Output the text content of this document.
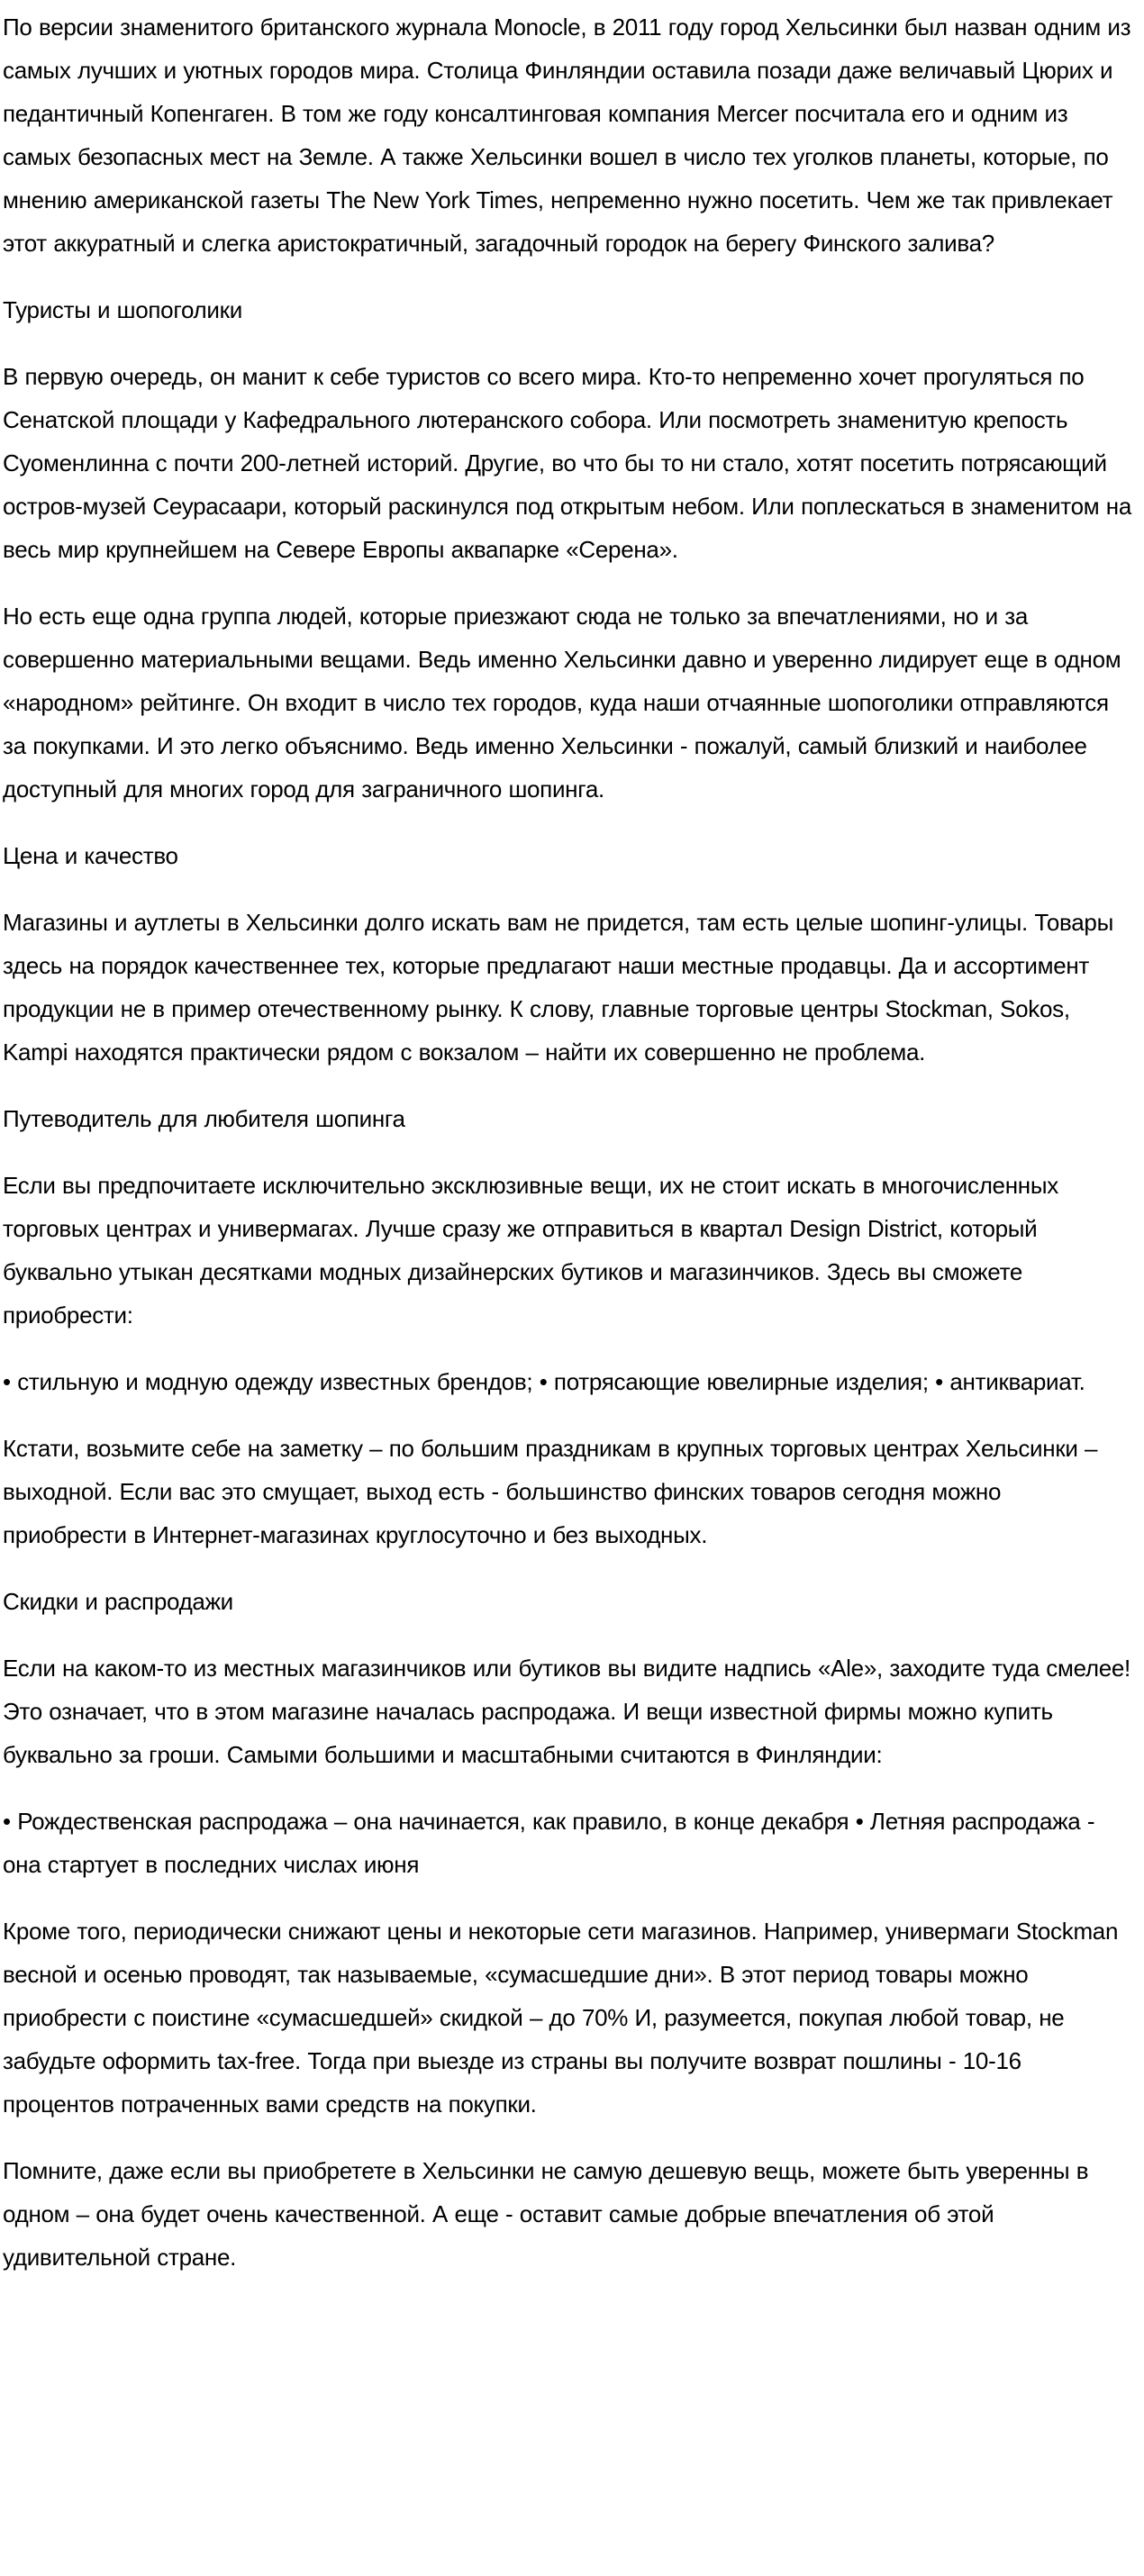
По версии знаменитого британского журнала Monocle, в 2011 году город Хельсинки был назван одним из самых лучших и уютных городов мира. Столица Финляндии оставила позади даже величавый Цюрих и педантичный Копенгаген. В том же году консалтинговая компания Mercer посчитала его и одним из самых безопасных мест на Земле. А также Хельсинки вошел в число тех уголков планеты, которые, по мнению американской газеты The New York Times, непременно нужно посетить. Чем же так привлекает этот аккуратный и слегка аристократичный, загадочный городок на берегу Финского залива?

Туристы и шопоголики

В первую очередь, он манит к себе туристов со всего мира. Кто-то непременно хочет прогуляться по Сенатской площади у Кафедрального лютеранского собора. Или посмотреть знаменитую крепость Суоменлинна с почти 200-летней историй. Другие, во что бы то ни стало, хотят посетить потрясающий остров-музей Сеурасаари, который раскинулся под открытым небом. Или поплескаться в знаменитом на весь мир крупнейшем на Севере Европы аквапарке «Серена».

Но есть еще одна группа людей, которые приезжают сюда не только за впечатлениями, но и за совершенно материальными вещами. Ведь именно Хельсинки давно и уверенно лидирует еще в одном «народном» рейтинге. Он входит в число тех городов, куда наши отчаянные шопоголики отправляются за покупками. И это легко объяснимо. Ведь именно Хельсинки - пожалуй, самый близкий и наиболее доступный для многих город для заграничного шопинга.

Цена и качество

Магазины и аутлеты в Хельсинки долго искать вам не придется, там есть целые шопинг-улицы. Товары здесь на порядок качественнее тех, которые предлагают наши местные продавцы. Да и ассортимент продукции не в пример отечественному рынку. К слову, главные торговые центры Stockman, Sokos, Kampi находятся практически рядом с вокзалом – найти их совершенно не проблема.

Путеводитель для любителя шопинга

Если вы предпочитаете исключительно эксклюзивные вещи, их не стоит искать в многочисленных торговых центрах и универмагах. Лучше сразу же отправиться в квартал Design District, который буквально утыкан десятками модных дизайнерских бутиков и магазинчиков. Здесь вы сможете приобрести:

• стильную и модную одежду известных брендов; • потрясающие ювелирные изделия; • антиквариат.

Кстати, возьмите себе на заметку – по большим праздникам в крупных торговых центрах Хельсинки – выходной. Если вас это смущает, выход есть - большинство финских товаров сегодня можно приобрести в Интернет-магазинах круглосуточно и без выходных.

Скидки и распродажи

Если на каком-то из местных магазинчиков или бутиков вы видите надпись «Ale», заходите туда смелее! Это означает, что в этом магазине началась распродажа. И вещи известной фирмы можно купить буквально за гроши. Самыми большими и масштабными считаются в Финляндии:

• Рождественская распродажа – она начинается, как правило, в конце декабря • Летняя распродажа - она стартует в последних числах июня

Кроме того, периодически снижают цены и некоторые сети магазинов. Например, универмаги Stockman весной и осенью проводят, так называемые, «сумасшедшие дни». В этот период товары можно приобрести с поистине «сумасшедшей» скидкой – до 70% И, разумеется, покупая любой товар, не забудьте оформить tax-free. Тогда при выезде из страны вы получите возврат пошлины - 10-16 процентов потраченных вами средств на покупки.

Помните, даже если вы приобретете в Хельсинки не самую дешевую вещь, можете быть уверенны в одном – она будет очень качественной. А еще - оставит самые добрые впечатления об этой удивительной стране.
